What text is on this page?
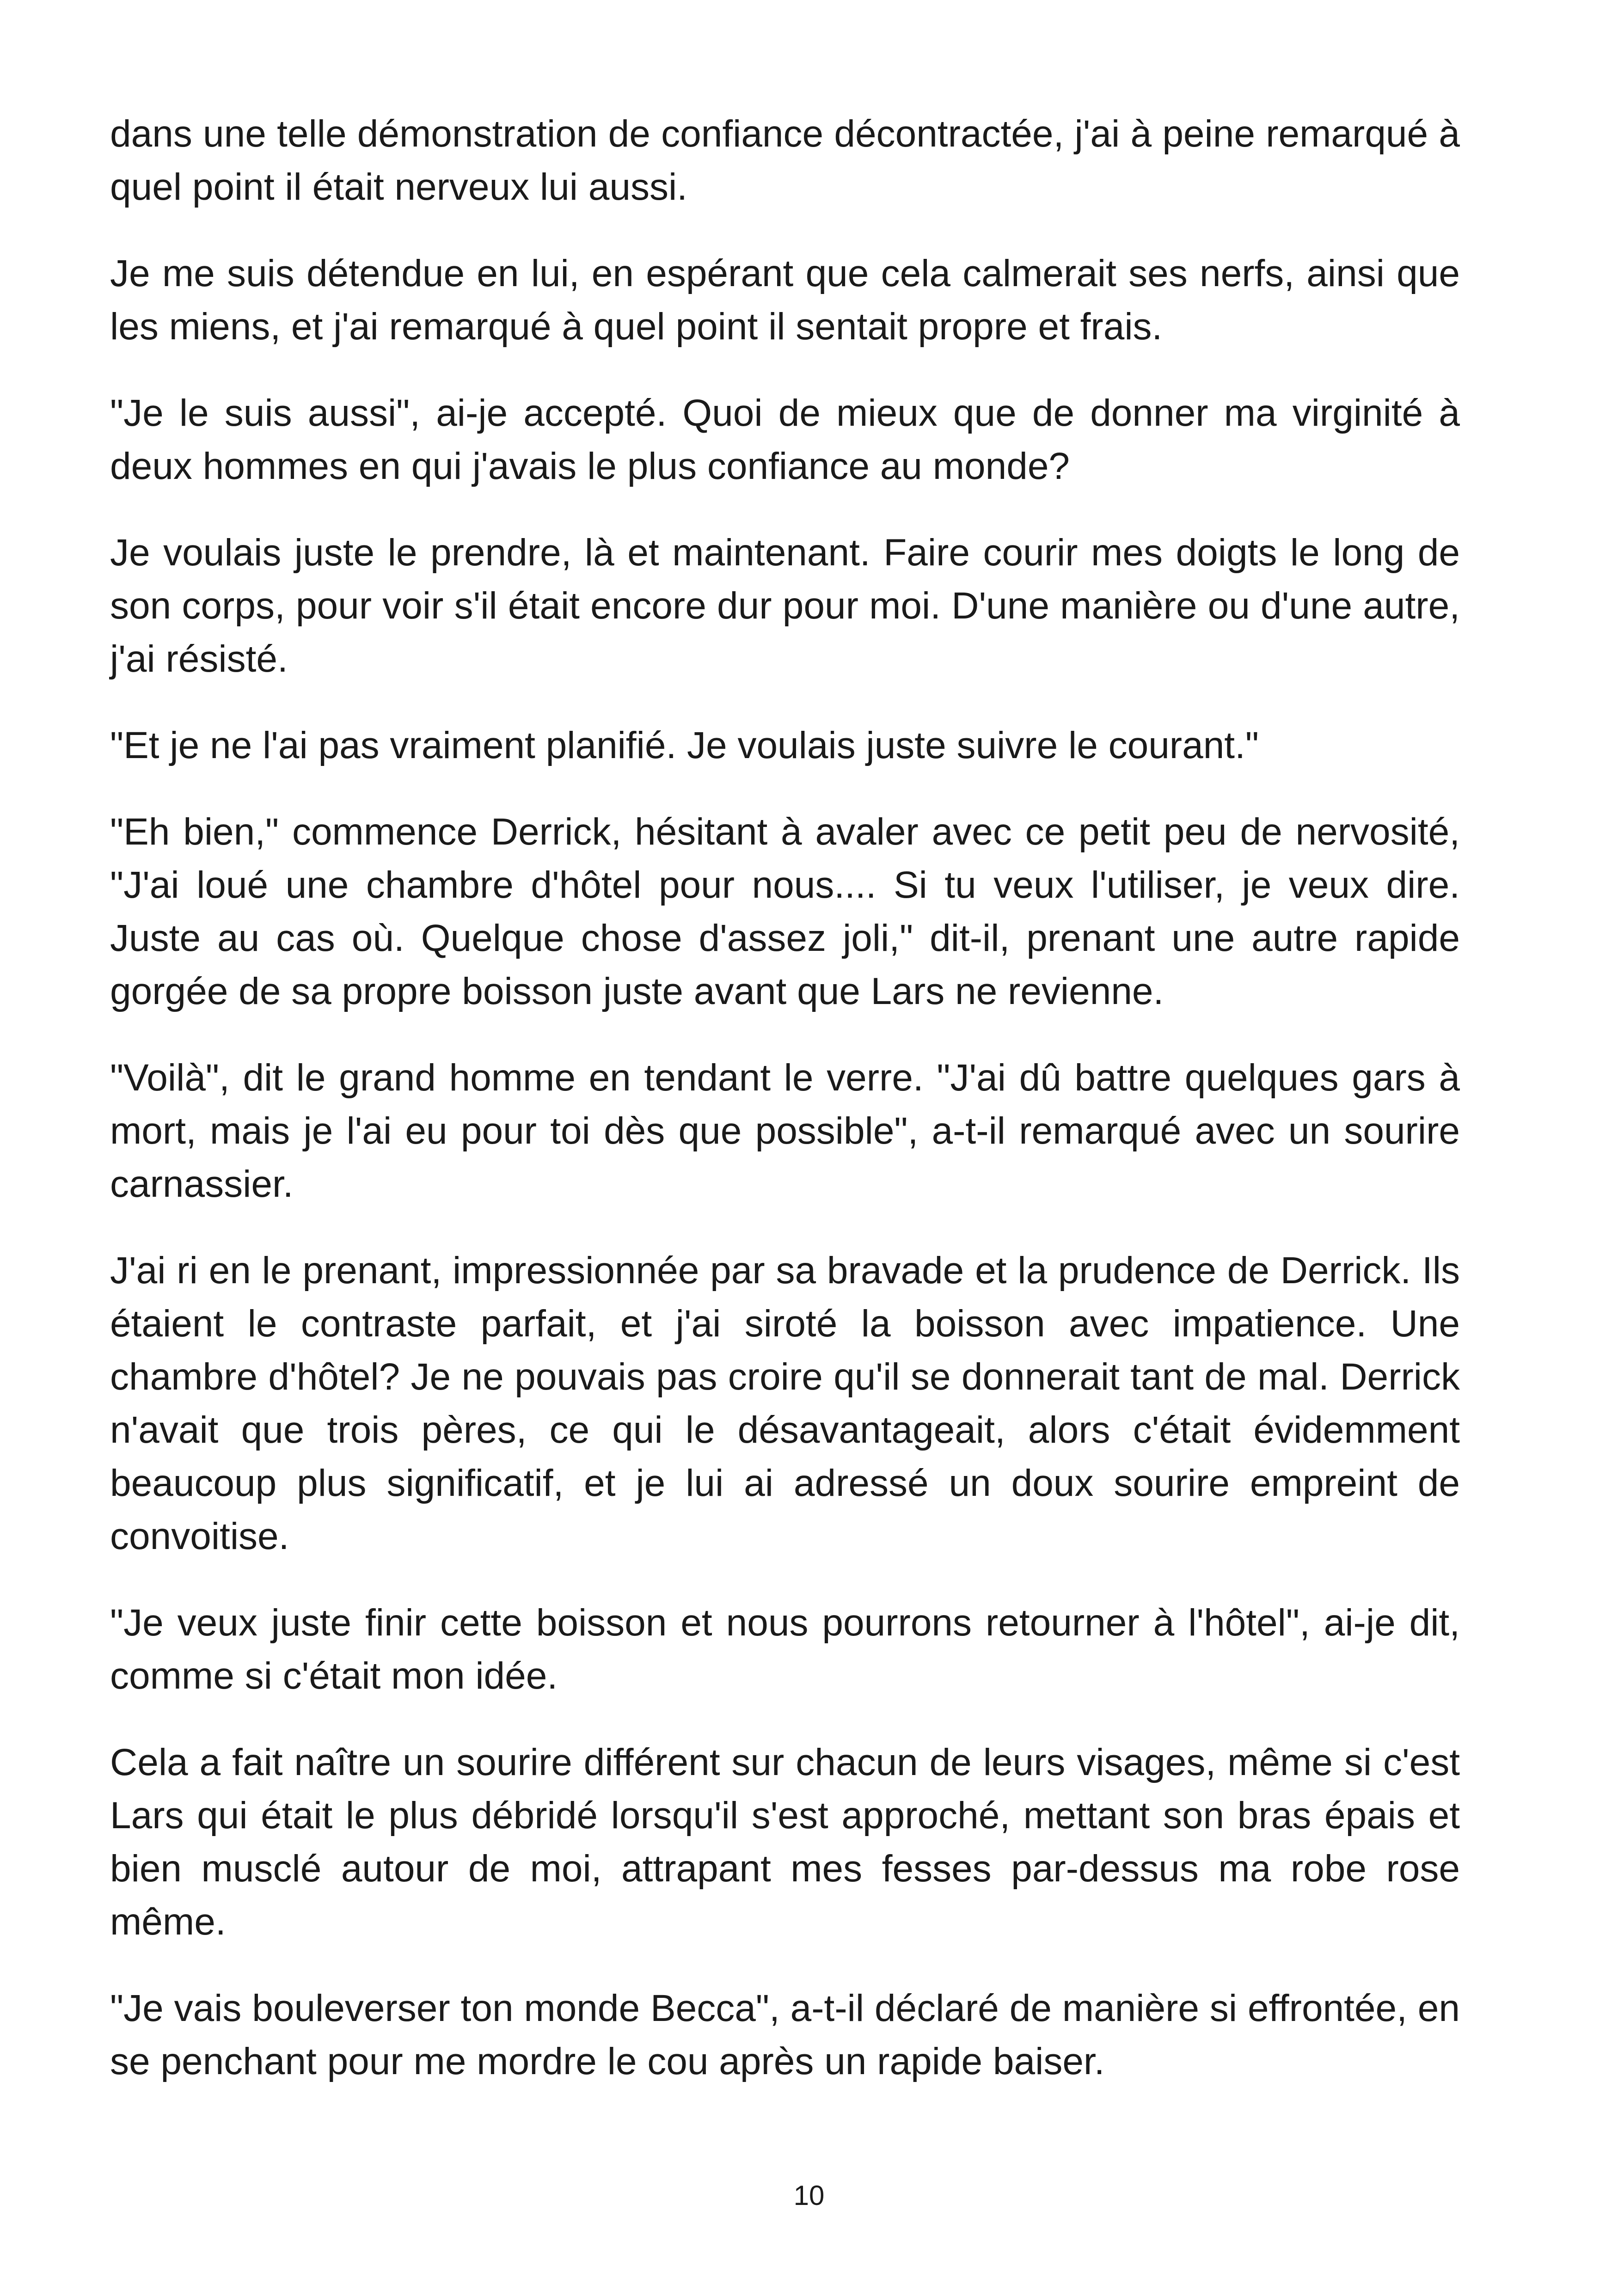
dans une telle démonstration de confiance décontractée, j'ai à peine remarqué à quel point il était nerveux lui aussi.

Je me suis détendue en lui, en espérant que cela calmerait ses nerfs, ainsi que les miens, et j'ai remarqué à quel point il sentait propre et frais.

"Je le suis aussi", ai-je accepté. Quoi de mieux que de donner ma virginité à deux hommes en qui j'avais le plus confiance au monde?

Je voulais juste le prendre, là et maintenant. Faire courir mes doigts le long de son corps, pour voir s'il était encore dur pour moi. D'une manière ou d'une autre, j'ai résisté.

"Et je ne l'ai pas vraiment planifié. Je voulais juste suivre le courant."

"Eh bien," commence Derrick, hésitant à avaler avec ce petit peu de nervosité, "J'ai loué une chambre d'hôtel pour nous.... Si tu veux l'utiliser, je veux dire. Juste au cas où. Quelque chose d'assez joli," dit-il, prenant une autre rapide gorgée de sa propre boisson juste avant que Lars ne revienne.

"Voilà", dit le grand homme en tendant le verre. "J'ai dû battre quelques gars à mort, mais je l'ai eu pour toi dès que possible", a-t-il remarqué avec un sourire carnassier.

J'ai ri en le prenant, impressionnée par sa bravade et la prudence de Derrick. Ils étaient le contraste parfait, et j'ai siroté la boisson avec impatience. Une chambre d'hôtel? Je ne pouvais pas croire qu'il se donnerait tant de mal. Derrick n'avait que trois pères, ce qui le désavantageait, alors c'était évidemment beaucoup plus significatif, et je lui ai adressé un doux sourire empreint de convoitise.

"Je veux juste finir cette boisson et nous pourrons retourner à l'hôtel", ai-je dit, comme si c'était mon idée.

Cela a fait naître un sourire différent sur chacun de leurs visages, même si c'est Lars qui était le plus débridé lorsqu'il s'est approché, mettant son bras épais et bien musclé autour de moi, attrapant mes fesses par-dessus ma robe rose même.

"Je vais bouleverser ton monde Becca", a-t-il déclaré de manière si effrontée, en se penchant pour me mordre le cou après un rapide baiser.

10
